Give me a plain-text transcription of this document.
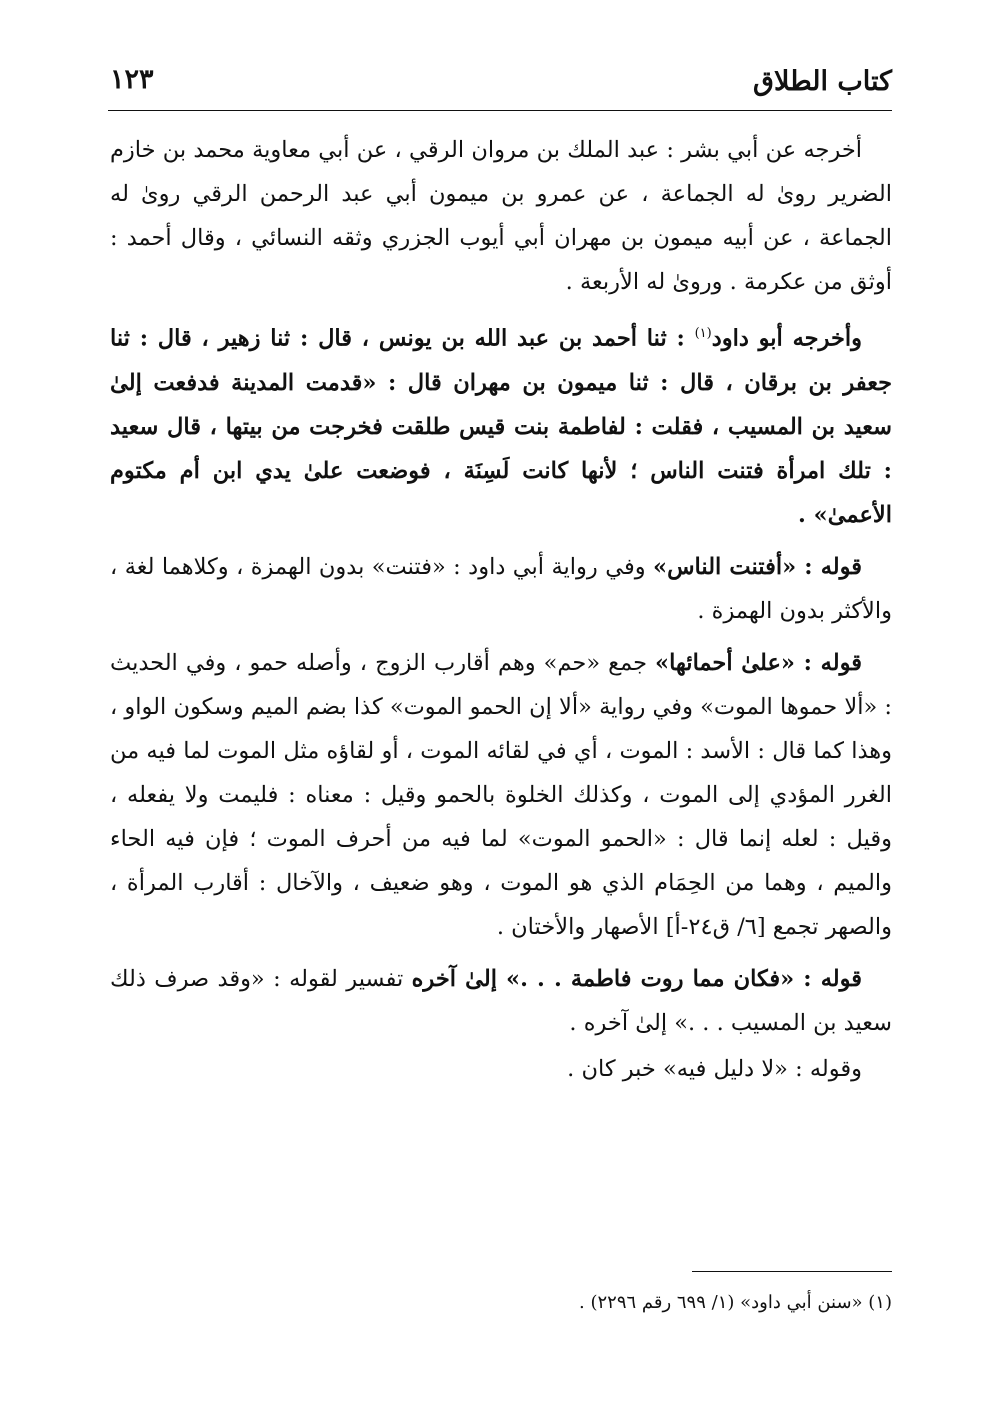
كتاب الطلاق
١٢٣

أخرجه عن أبي بشر : عبد الملك بن مروان الرقي ، عن أبي معاوية محمد بن خازم الضرير روىٰ له الجماعة ، عن عمرو بن ميمون أبي عبد الرحمن الرقي روىٰ له الجماعة ، عن أبيه ميمون بن مهران أبي أيوب الجزري وثقه النسائي ، وقال أحمد : أوثق من عكرمة . وروىٰ له الأربعة .

وأخرجه أبو داود$^{(١)}$ : ثنا أحمد بن عبد الله بن يونس ، قال : ثنا زهير ، قال : ثنا جعفر بن برقان ، قال : ثنا ميمون بن مهران قال : «قدمت المدينة فدفعت إلىٰ سعيد بن المسيب ، فقلت : لفاطمة بنت قيس طلقت فخرجت من بيتها ، قال سعيد : تلك امرأة فتنت الناس ؛ لأنها كانت لَسِنَة ، فوضعت علىٰ يدي ابن أم مكتوم الأعمىٰ» .

قوله : «أفتنت الناس» وفي رواية أبي داود : «فتنت» بدون الهمزة ، وكلاهما لغة ، والأكثر بدون الهمزة .

قوله : «علىٰ أحمائها» جمع «حم» وهم أقارب الزوج ، وأصله حمو ، وفي الحديث : «ألا حموها الموت» وفي رواية «ألا إن الحمو الموت» كذا بضم الميم وسكون الواو ، وهذا كما قال : الأسد : الموت ، أي في لقائه الموت ، أو لقاؤه مثل الموت لما فيه من الغرر المؤدي إلى الموت ، وكذلك الخلوة بالحمو وقيل : معناه : فليمت ولا يفعله ، وقيل : لعله إنما قال : «الحمو الموت» لما فيه من أحرف الموت ؛ فإن فيه الحاء والميم ، وهما من الحِمَام الذي هو الموت ، وهو ضعيف ، والآخال : أقارب المرأة ، والصهر تجمع [٦/ ق٢٤-أ] الأصهار والأختان .

قوله : «فكان مما روت فاطمة . . .» إلىٰ آخره تفسير لقوله : «وقد صرف ذلك سعيد بن المسيب . . .» إلىٰ آخره .

وقوله : «لا دليل فيه» خبر كان .

(١) «سنن أبي داود» (١/ ٦٩٩ رقم ٢٢٩٦) .
